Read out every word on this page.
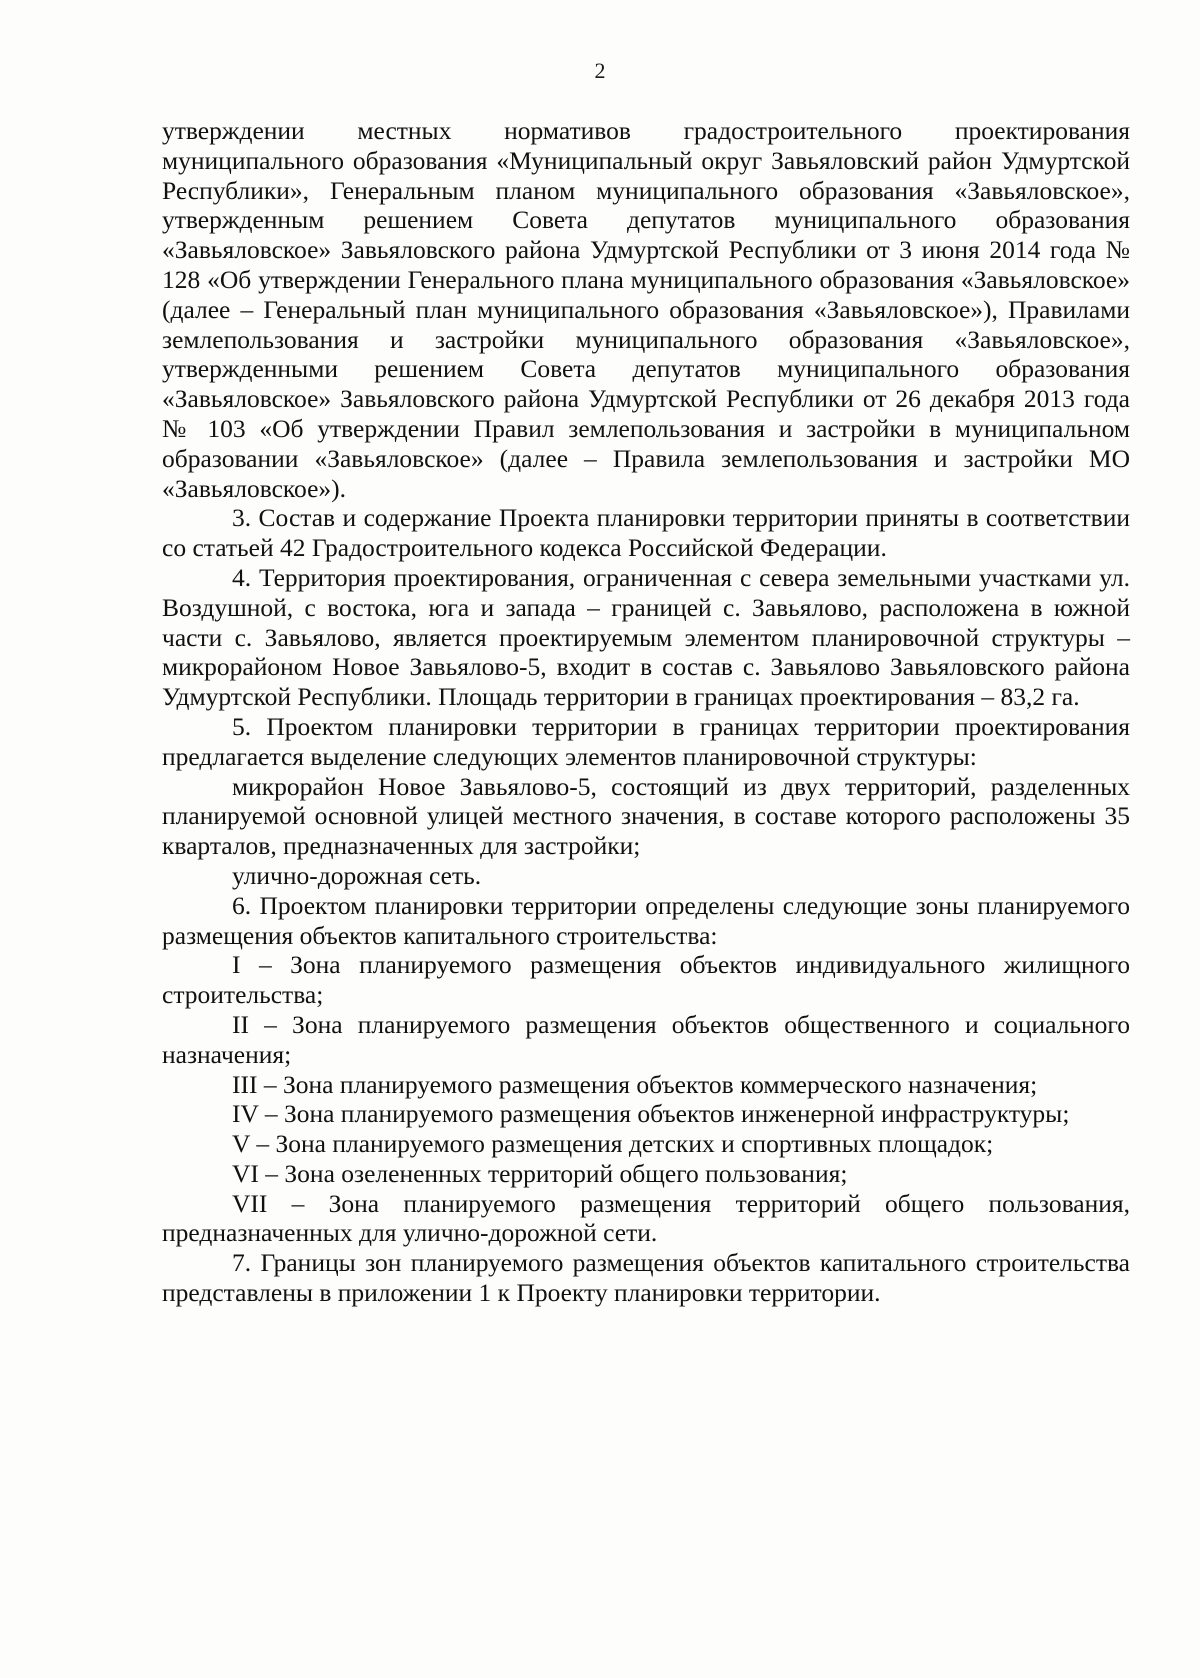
2

утверждении местных нормативов градостроительного проектирования муниципального образования «Муниципальный округ Завьяловский район Удмуртской Республики», Генеральным планом муниципального образования «Завьяловское», утвержденным решением Совета депутатов муниципального образования «Завьяловское» Завьяловского района Удмуртской Республики от 3 июня 2014 года № 128 «Об утверждении Генерального плана муниципального образования «Завьяловское» (далее – Генеральный план муниципального образования «Завьяловское»), Правилами землепользования и застройки муниципального образования «Завьяловское», утвержденными решением Совета депутатов муниципального образования «Завьяловское» Завьяловского района Удмуртской Республики от 26 декабря 2013 года № 103 «Об утверждении Правил землепользования и застройки в муниципальном образовании «Завьяловское» (далее – Правила землепользования и застройки МО «Завьяловское»).

3. Состав и содержание Проекта планировки территории приняты в соответствии со статьей 42 Градостроительного кодекса Российской Федерации.

4. Территория проектирования, ограниченная с севера земельными участками ул. Воздушной, с востока, юга и запада – границей с. Завьялово, расположена в южной части с. Завьялово, является проектируемым элементом планировочной структуры – микрорайоном Новое Завьялово-5, входит в состав с. Завьялово Завьяловского района Удмуртской Республики. Площадь территории в границах проектирования – 83,2 га.

5. Проектом планировки территории в границах территории проектирования предлагается выделение следующих элементов планировочной структуры:

микрорайон Новое Завьялово-5, состоящий из двух территорий, разделенных планируемой основной улицей местного значения, в составе которого расположены 35 кварталов, предназначенных для застройки;

улично-дорожная сеть.

6. Проектом планировки территории определены следующие зоны планируемого размещения объектов капитального строительства:

I – Зона планируемого размещения объектов индивидуального жилищного строительства;

II – Зона планируемого размещения объектов общественного и социального назначения;

III – Зона планируемого размещения объектов коммерческого назначения;

IV – Зона планируемого размещения объектов инженерной инфраструктуры;

V – Зона планируемого размещения детских и спортивных площадок;

VI – Зона озелененных территорий общего пользования;

VII – Зона планируемого размещения территорий общего пользования, предназначенных для улично-дорожной сети.

7. Границы зон планируемого размещения объектов капитального строительства представлены в приложении 1 к Проекту планировки территории.
